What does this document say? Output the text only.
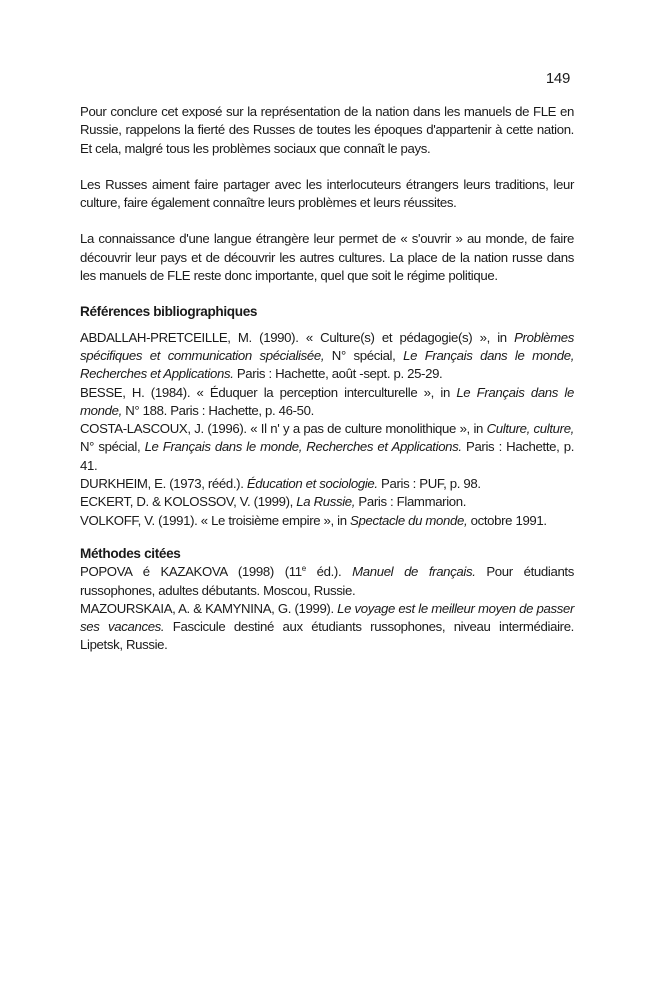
149

Pour conclure cet exposé sur la représentation de la nation dans les manuels de FLE en Russie, rappelons la fierté des Russes de toutes les époques d'appartenir à cette nation. Et cela, malgré tous les problèmes sociaux que connaît le pays.

Les Russes aiment faire partager avec les interlocuteurs étrangers leurs traditions, leur culture, faire également connaître leurs problèmes et leurs réussites.

La connaissance d'une langue étrangère leur permet de « s'ouvrir » au monde, de faire découvrir leur pays et de découvrir les autres cultures. La place de la nation russe dans les manuels de FLE reste donc importante, quel que soit le régime politique.

Références bibliographiques

ABDALLAH-PRETCEILLE, M. (1990). « Culture(s) et pédagogie(s) », in Problèmes spécifiques et communication spécialisée, N° spécial, Le Français dans le monde, Recherches et Applications. Paris : Hachette, août -sept. p. 25-29.

BESSE, H. (1984). « Éduquer la perception interculturelle », in Le Français dans le monde, N° 188. Paris : Hachette, p. 46-50.

COSTA-LASCOUX, J. (1996). « Il n' y a pas de culture monolithique », in Culture, culture, N° spécial, Le Français dans le monde, Recherches et Applications. Paris : Hachette, p. 41.

DURKHEIM, E. (1973, rééd.). Éducation et sociologie. Paris : PUF, p. 98.

ECKERT, D. & KOLOSSOV, V. (1999), La Russie, Paris : Flammarion.

VOLKOFF, V. (1991). « Le troisième empire », in Spectacle du monde, octobre 1991.

Méthodes citées

POPOVA é KAZAKOVA (1998) (11e éd.). Manuel de français. Pour étudiants russophones, adultes débutants. Moscou, Russie.

MAZOURSKAIA, A. & KAMYNINA, G. (1999). Le voyage est le meilleur moyen de passer ses vacances. Fascicule destiné aux étudiants russophones, niveau intermédiaire. Lipetsk, Russie.
